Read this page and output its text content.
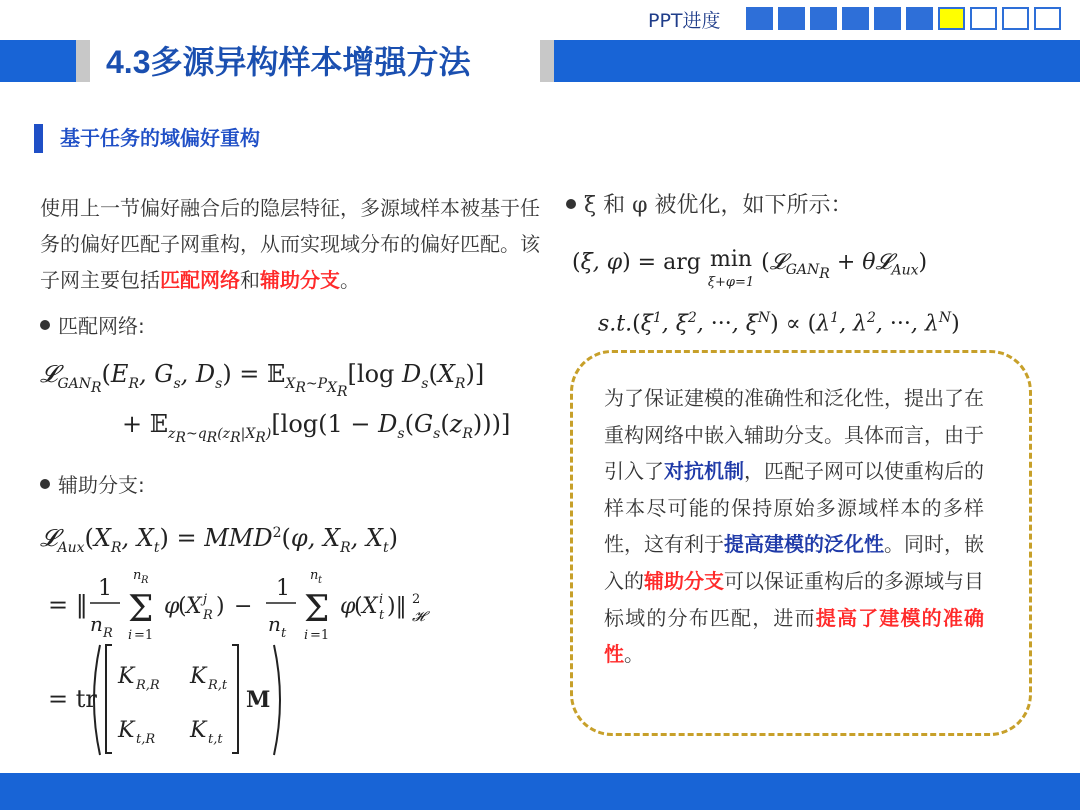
PPT进度
4.3多源异构样本增强方法
基于任务的域偏好重构

使用上一节偏好融合后的隐层特征，多源域样本被基于任务的偏好匹配子网重构，从而实现域分布的偏好匹配。该子网主要包括匹配网络和辅助分支。

匹配网络:
$𝓛_{GAN_R}(E_R$, $G_s$, $D_s$) = 𝔼$_{X_R\sim P_{X_R}}$[log $D_s(X_R)$]
+ 𝔼$_{z_R\sim q_R(z_R|X_R)}$[log(1 − $D_s(G_s(z_R))$)]
辅助分支:
$𝓛_{Aux}(X_R$, $X_t) = MMD^2(\varphi$, $X_R$, $X_t$)
= ‖
1
n R
n R
Σ
i =1
φ
( X j
R ) −
1
n t
n t
Σ
i =1
φ
( X i
t )‖ 2
𝓗
= tr
K R,R K R,t
K t,R K t,t
M
ξ 和 φ 被优化，如下所示：
(ξ, φ) = arg min
ξ+φ=1 (𝓛$_{GAN_R}$ + θ𝓛$_{Aux}$)
$s.t.(\xi^1$, $\xi^2$, ···, $\xi^N) \propto (\lambda^1$, $\lambda^2$, ···, $\lambda^N$)

为了保证建模的准确性和泛化性，提出了在重构网络中嵌入辅助分支。具体而言，由于引入了对抗机制，匹配子网可以使重构后的样本尽可能的保持原始多源域样本的多样性，这有利于提高建模的泛化性。同时，嵌入的辅助分支可以保证重构后的多源域与目标域的分布匹配，进而提高了建模的准确性。
